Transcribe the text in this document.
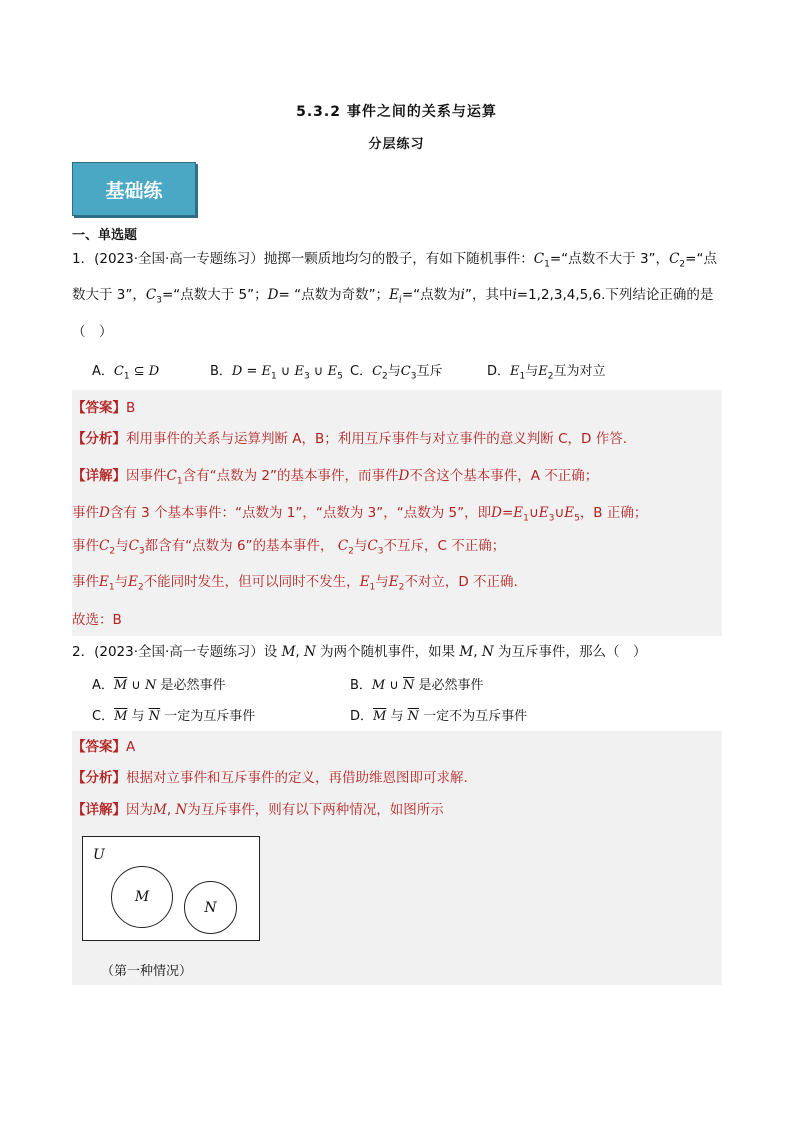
5.3.2 事件之间的关系与运算
分层练习
基础练
一、单选题
1．(2023·全国·高一专题练习）抛掷一颗质地均匀的骰子，有如下随机事件：$C_1=“$点数不大于 3”，$C_2=“$点
数大于 3”，$C_3=“$点数大于 5”；D= “点数为奇数”；$E_i=“$点数为i”，其中i=1,2,3,4,5,6.下列结论正确的是
（　）
A．$C_1$ ⊆ D	B．$D = E_1$ ∪ $E_3$ ∪ $E_5$ C．$C_2$与$C_3$互斥	D．$E_1$与$E_2$互为对立
【答案】B
【分析】利用事件的关系与运算判断 A，B；利用互斥事件与对立事件的意义判断 C，D 作答.
【详解】因事件$C_1$含有“点数为 2”的基本事件，而事件D不含这个基本事件，A 不正确；
事件D含有 3 个基本事件：“点数为 1”，“点数为 3”，“点数为 5”，即$D=E_1\cup E_3\cup E_5$，B 正确；
事件$C_2$与$C_3$都含有“点数为 6”的基本事件， $C_2$与$C_3$不互斥，C 不正确；
事件$E_1$与$E_2$不能同时发生，但可以同时不发生，$E_1$与$E_2$不对立，D 不正确.
故选：B
2．(2023·全国·高一专题练习）设 M, N 为两个随机事件，如果 M, N 为互斥事件，那么（　）
A．$\overline{M}$ ∪ N 是必然事件	B．M ∪ $\overline{N}$ 是必然事件
C．$\overline{M}$ 与 $\overline{N}$ 一定为互斥事件	D．$\overline{M}$ 与 $\overline{N}$ 一定不为互斥事件
【答案】A
【分析】根据对立事件和互斥事件的定义，再借助维恩图即可求解.
【详解】因为M, N为互斥事件，则有以下两种情况，如图所示
U
M
N
（第一种情况）
